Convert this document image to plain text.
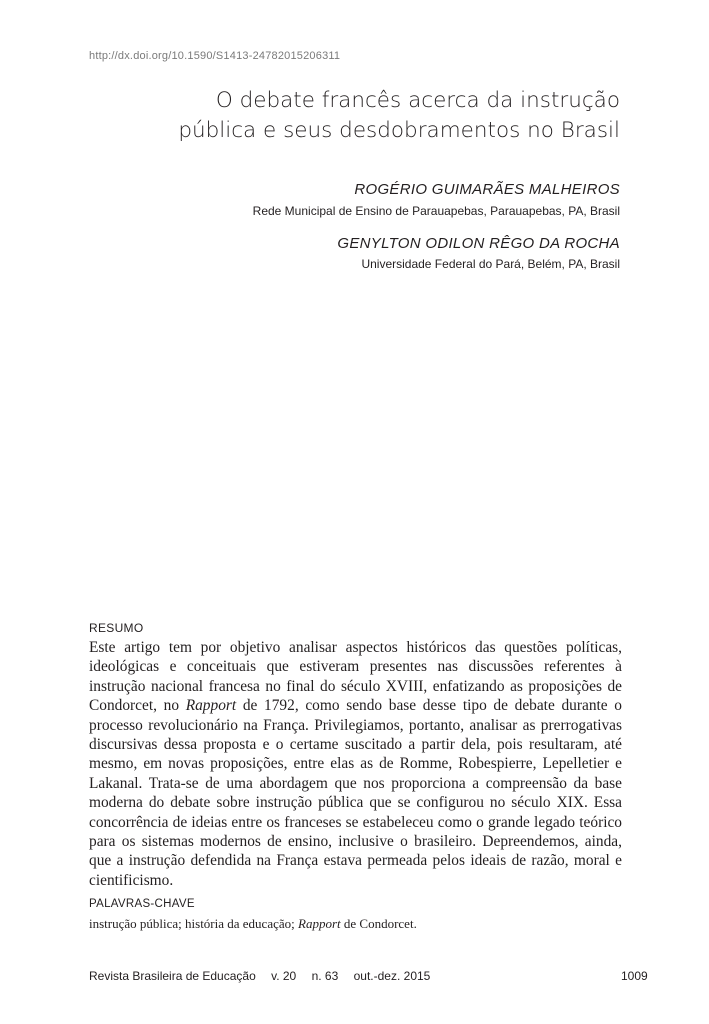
http://dx.doi.org/10.1590/S1413-24782015206311
O debate francês acerca da instrução
pública e seus desdobramentos no Brasil
ROGÉRIO GUIMARÃES MALHEIROS
Rede Municipal de Ensino de Parauapebas, Parauapebas, PA, Brasil
GENYLTON ODILON RÊGO DA ROCHA
Universidade Federal do Pará, Belém, PA, Brasil
RESUMO

Este artigo tem por objetivo analisar aspectos históricos das questões políticas, ideológicas e conceituais que estiveram presentes nas discussões referentes à instrução nacional francesa no final do século XVIII, enfatizando as proposições de Condorcet, no Rapport de 1792, como sendo base desse tipo de debate durante o processo revolucionário na França. Privilegiamos, portanto, analisar as prerrogativas discursivas dessa proposta e o certame suscitado a partir dela, pois resultaram, até mesmo, em novas proposições, entre elas as de Romme, Robespierre, Lepelletier e Lakanal. Trata-se de uma abordagem que nos proporciona a compreensão da base moderna do debate sobre instrução pública que se configurou no século XIX. Essa concorrência de ideias entre os franceses se estabeleceu como o grande legado teórico para os sistemas modernos de ensino, inclusive o brasileiro. Depreendemos, ainda, que a instrução defendida na França estava permeada pelos ideais de razão, moral e cientificismo.

PALAVRAS-CHAVE
instrução pública; história da educação; Rapport de Condorcet.
Revista Brasileira de Educação v. 20 n. 63 out.-dez. 2015	1009
